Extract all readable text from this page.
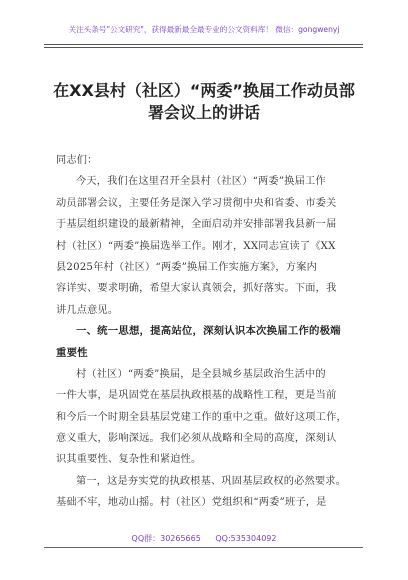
关注头条号"公文研究"，获得最新最全最专业的公文资料库！ 微信：gongwenyj
在XX县村（社区）“两委”换届工作动员部
署会议上的讲话
同志们：
今天，我们在这里召开全县村（社区）“两委”换届工作
动员部署会议，主要任务是深入学习贯彻中央和省委、市委关
于基层组织建设的最新精神，全面启动并安排部署我县新一届
村（社区）“两委”换届选举工作。刚才，XX同志宣读了《XX
县2025年村（社区）“两委”换届工作实施方案》，方案内
容详实、要求明确，希望大家认真领会，抓好落实。下面，我
讲几点意见。
一、统一思想，提高站位，深刻认识本次换届工作的极端
重要性
村（社区）“两委”换届，是全县城乡基层政治生活中的
一件大事，是巩固党在基层执政根基的战略性工程，更是当前
和今后一个时期全县基层党建工作的重中之重。做好这项工作，
意义重大，影响深远。我们必须从战略和全局的高度，深刻认
识其重要性、复杂性和紧迫性。
第一，这是夯实党的执政根基、巩固基层政权的必然要求。
基础不牢，地动山摇。村（社区）党组织和“两委”班子，是
QQ群：30265665 QQ:535304092
